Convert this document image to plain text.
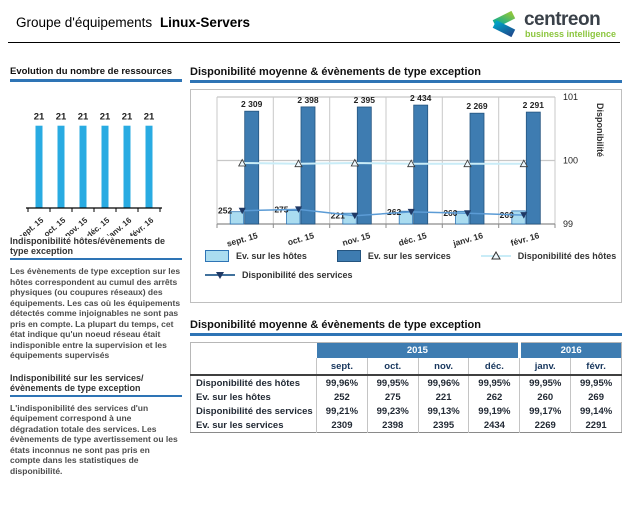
Groupe d'équipements Linux-Servers	centreon
business intelligence
Evolution du nombre de ressources
21
sept. 15
21
oct. 15
21
nov. 15
21
déc. 15
21
janv. 16
21
févr. 16
Indisponibilité hôtes/évènements de type exception

Les évènements de type exception sur les hôtes correspondent au cumul des arrêts physiques (ou coupures réseaux) des équipements. Les cas où les équipements détectés comme injoignables ne sont pas pris en compte. La plupart du temps, cet état indique qu'un noeud réseau était indisponible entre la supervision et les équipements supervisés

Indisponibilité sur les services/ évènements de type exception

L'indisponibilité des services d'un équipement correspond à une dégradation totale des services. Les évènements de type avertissement ou les états inconnus ne sont pas pris en compte dans les statistiques de disponibilité.

Disponibilité moyenne & évènements de type exception
99
100
101
2 309
252
sept. 15
2 398
275
oct. 15
2 395
221
nov. 15
2 434
262
déc. 15
2 269
260
janv. 16
2 291
269
févr. 16
Disponibilité
Ev. sur les hôtes	Ev. sur les services	Disponibilité des hôtes
Disponibilité des services
Disponibilité moyenne & évènements de type exception
	2015				2016	
	sept.	oct.	nov.	déc.	janv.	févr.
Disponibilité des hôtes	99,96%	99,95%	99,96%	99,95%	99,95%	99,95%
Ev. sur les hôtes	252	275	221	262	260	269
Disponibilité des services	99,21%	99,23%	99,13%	99,19%	99,17%	99,14%
Ev. sur les services	2309	2398	2395	2434	2269	2291
